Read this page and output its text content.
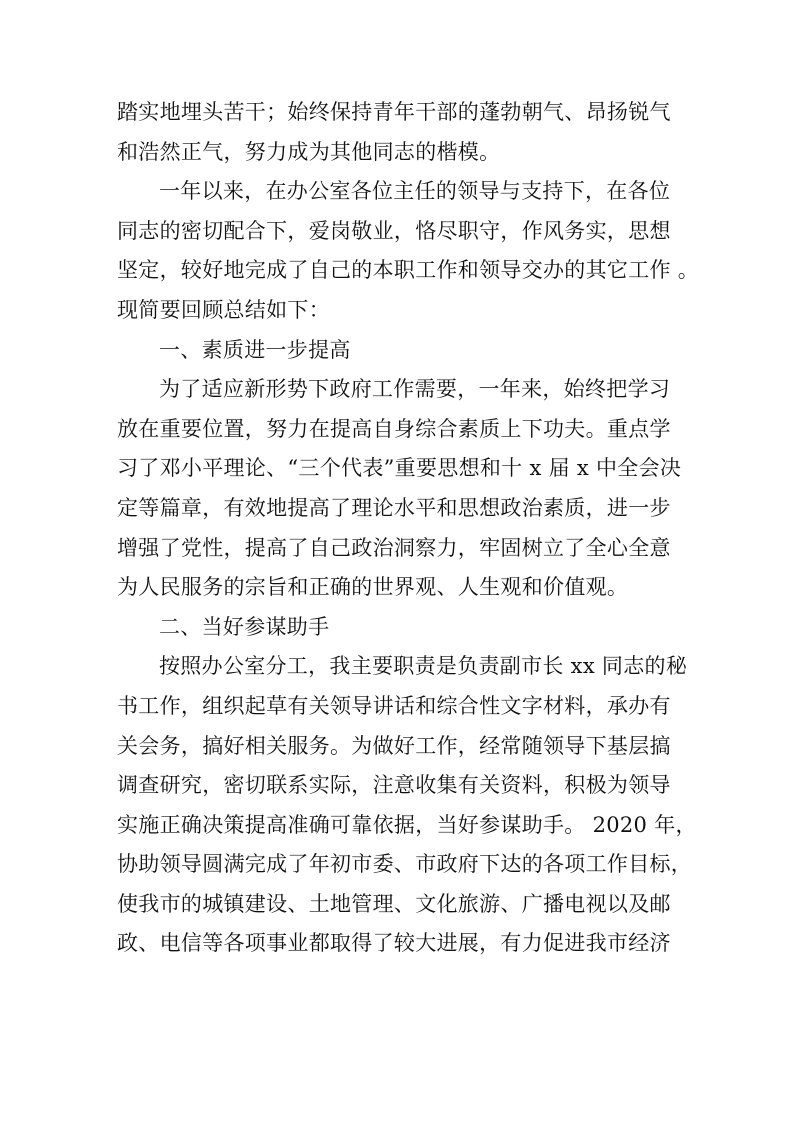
踏实地埋头苦干；始终保持青年干部的蓬勃朝气、昂扬锐气
和浩然正气，努力成为其他同志的楷模。
一年以来，在办公室各位主任的领导与支持下，在各位
同志的密切配合下，爱岗敬业，恪尽职守，作风务实，思想
坚定，较好地完成了自己的本职工作和领导交办的其它工作 。
现简要回顾总结如下：
一、素质进一步提高
为了适应新形势下政府工作需要，一年来，始终把学习
放在重要位置，努力在提高自身综合素质上下功夫。重点学
习了邓小平理论、“三个代表”重要思想和十 x 届 x 中全会决
定等篇章，有效地提高了理论水平和思想政治素质，进一步
增强了党性，提高了自己政治洞察力，牢固树立了全心全意
为人民服务的宗旨和正确的世界观、人生观和价值观。
二、当好参谋助手
按照办公室分工，我主要职责是负责副市长 xx 同志的秘
书工作，组织起草有关领导讲话和综合性文字材料，承办有
关会务，搞好相关服务。为做好工作，经常随领导下基层搞
调查研究，密切联系实际，注意收集有关资料，积极为领导
实施正确决策提高准确可靠依据，当好参谋助手。 2020 年，
协助领导圆满完成了年初市委、市政府下达的各项工作目标，
使我市的城镇建设、土地管理、文化旅游、广播电视以及邮
政、电信等各项事业都取得了较大进展，有力促进我市经济
